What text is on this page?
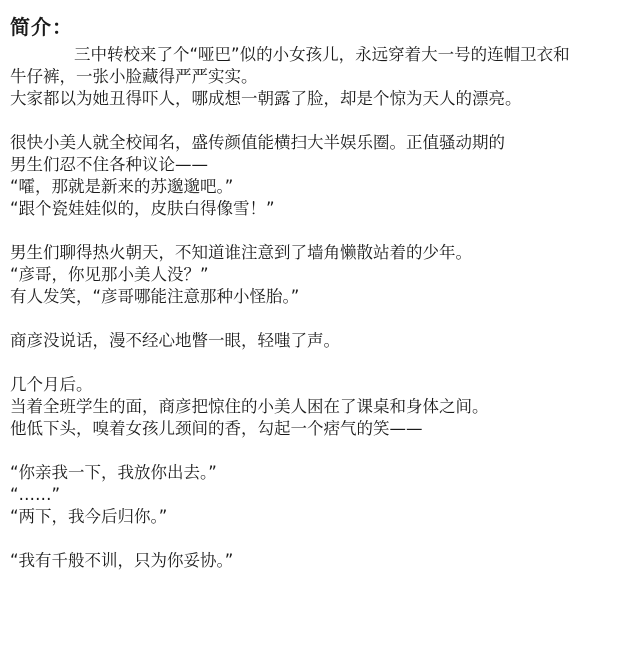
简介：
三中转校来了个“哑巴”似的小女孩儿，永远穿着大一号的连帽卫衣和
牛仔裤，一张小脸藏得严严实实。
大家都以为她丑得吓人，哪成想一朝露了脸，却是个惊为天人的漂亮。
很快小美人就全校闻名，盛传颜值能横扫大半娱乐圈。正值骚动期的
男生们忍不住各种议论——
“嚯，那就是新来的苏邈邈吧。”
“跟个瓷娃娃似的，皮肤白得像雪！”
男生们聊得热火朝天，不知道谁注意到了墙角懒散站着的少年。
“彦哥，你见那小美人没？”
有人发笑，“彦哥哪能注意那种小怪胎。”
商彦没说话，漫不经心地瞥一眼，轻嗤了声。
几个月后。
当着全班学生的面，商彦把惊住的小美人困在了课桌和身体之间。
他低下头，嗅着女孩儿颈间的香，勾起一个痞气的笑——
“你亲我一下，我放你出去。”
“……”
“两下，我今后归你。”
“我有千般不训，只为你妥协。”
